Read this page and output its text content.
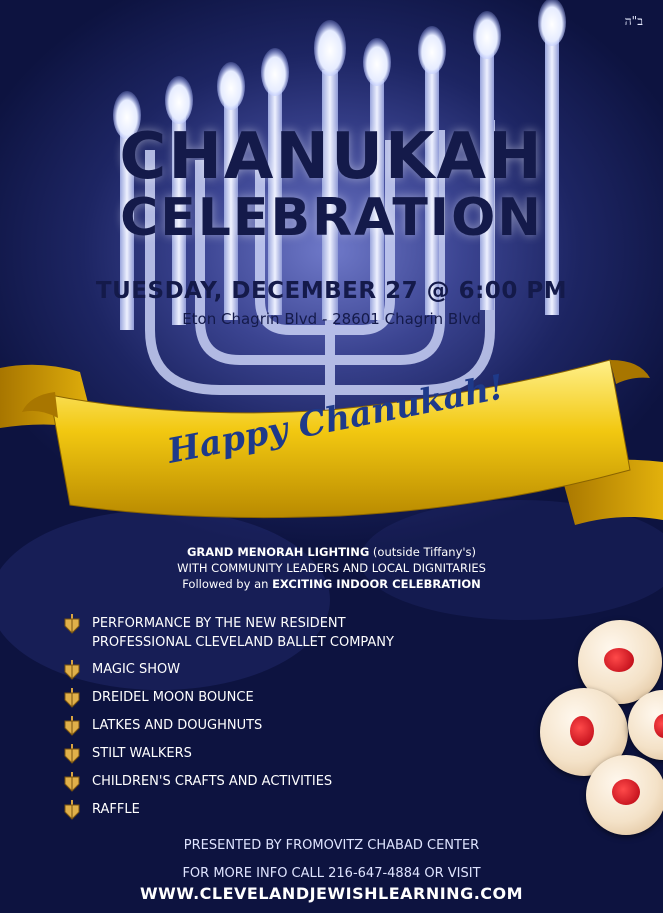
ב"ה
CHANUKAH
CELEBRATION
TUESDAY, DECEMBER 27 @ 6:00 PM
Eton Chagrin Blvd - 28601 Chagrin Blvd
Happy Chanukah!
GRAND MENORAH LIGHTING (outside Tiffany's)
WITH COMMUNITY LEADERS AND LOCAL DIGNITARIES
Followed by an EXCITING INDOOR CELEBRATION
PERFORMANCE BY THE NEW RESIDENT
PROFESSIONAL CLEVELAND BALLET COMPANY
MAGIC SHOW
DREIDEL MOON BOUNCE
LATKES AND DOUGHNUTS
STILT WALKERS
CHILDREN'S CRAFTS AND ACTIVITIES
RAFFLE
PRESENTED BY FROMOVITZ CHABAD CENTER
FOR MORE INFO CALL 216-647-4884 OR VISIT
WWW.CLEVELANDJEWISHLEARNING.COM
